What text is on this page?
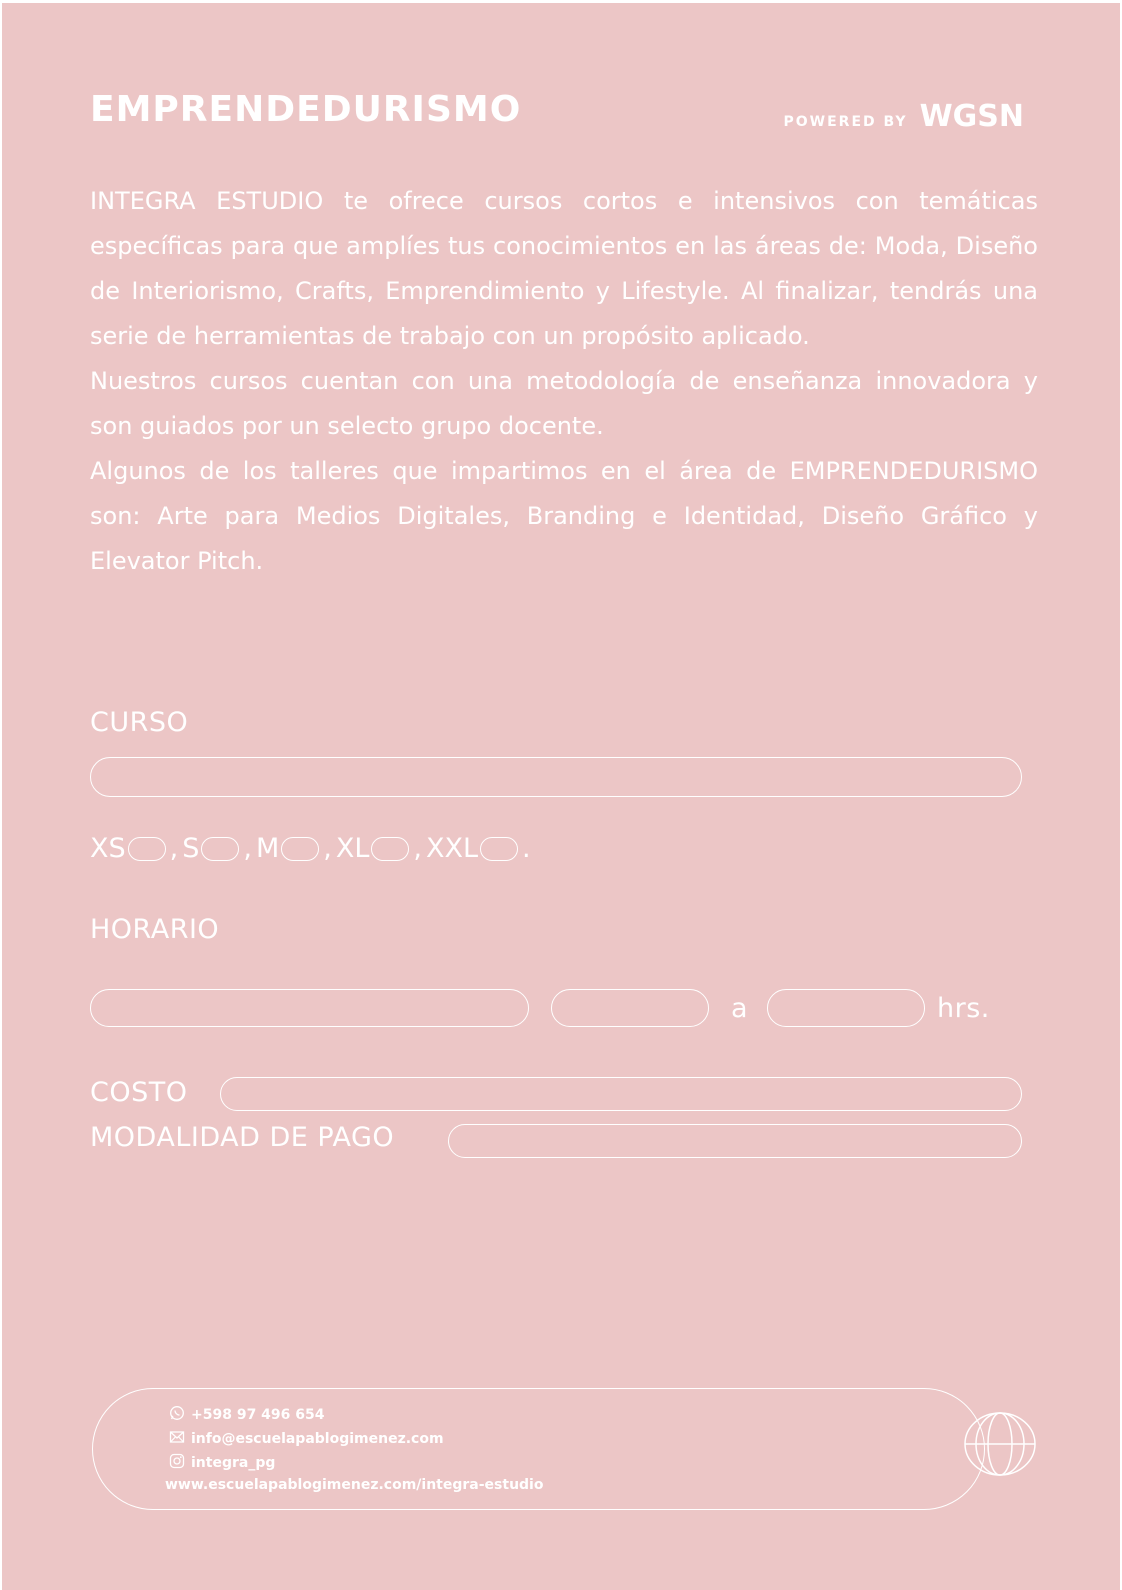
EMPRENDEDURISMO	POWERED BY WGSN

INTEGRA ESTUDIO te ofrece cursos cortos e intensivos con temáticas específicas para que amplíes tus conocimientos en las áreas de: Moda, Diseño de Interiorismo, Crafts, Emprendimiento y Lifestyle. Al finalizar, tendrás una serie de herramientas de trabajo con un propósito aplicado.

Nuestros cursos cuentan con una metodología de enseñanza innovadora y son guiados por un selecto grupo docente.

Algunos de los talleres que impartimos en el área de EMPRENDEDURISMO son: Arte para Medios Digitales, Branding e Identidad, Diseño Gráfico y Elevator Pitch.

CURSO
XS , S , M , XL , XXL .
HORARIO
a	hrs.
COSTO
MODALIDAD DE PAGO
+598 97 496 654
info@escuelapablogimenez.com
integra_pg
www.escuelapablogimenez.com/integra-estudio
